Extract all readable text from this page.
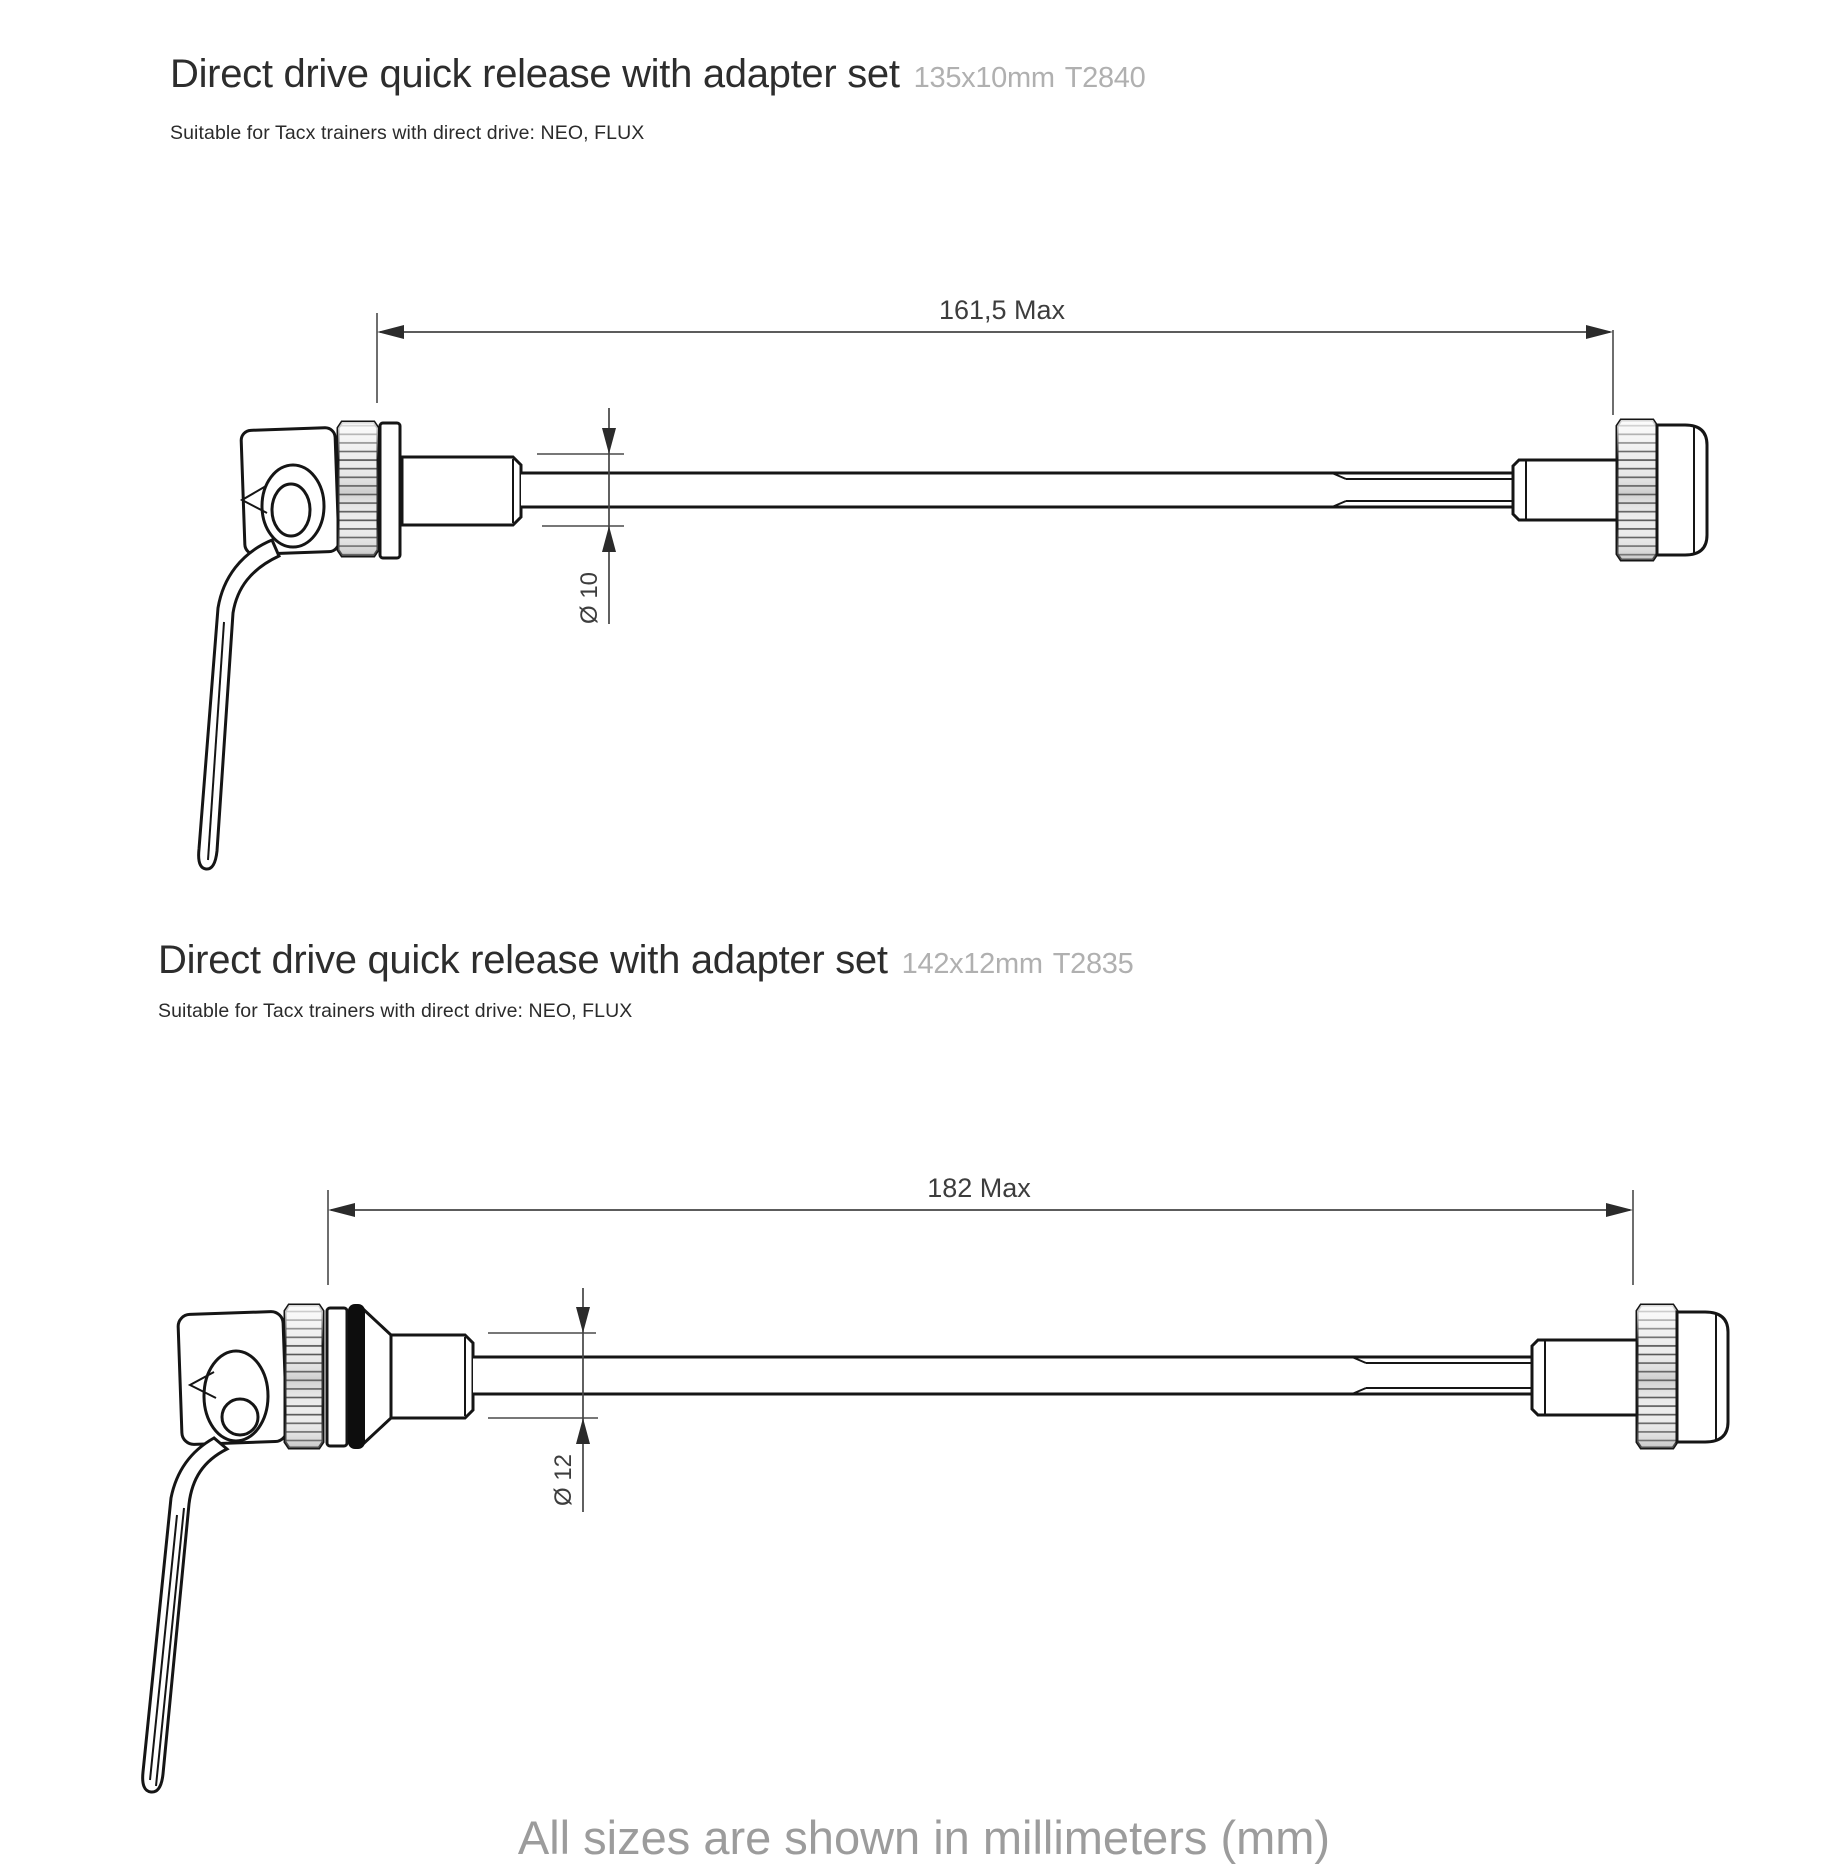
Direct drive quick release with adapter set 135x10mm T2840
Suitable for Tacx trainers with direct drive: NEO, FLUX
Direct drive quick release with adapter set 142x12mm T2835
Suitable for Tacx trainers with direct drive: NEO, FLUX
161,5 Max
Ø 10
182 Max
Ø 12
All sizes are shown in millimeters (mm)
